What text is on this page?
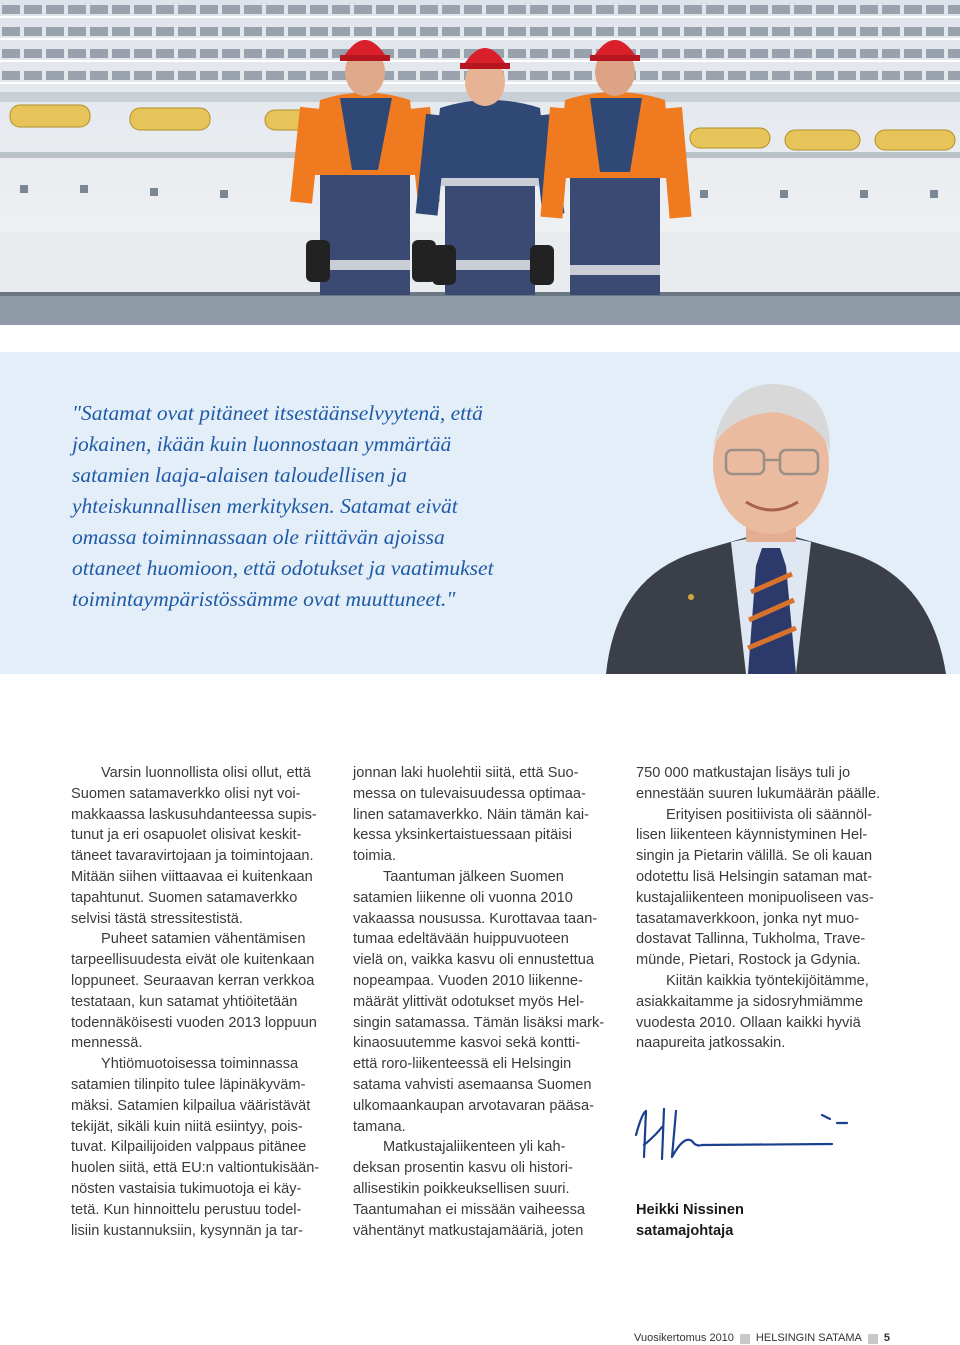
"Satamat ovat pitäneet itsestäänselvyytenä, että
jokainen, ikään kuin luonnostaan ymmärtää
satamien laaja-alaisen taloudellisen ja
yhteiskunnallisen merkityksen. Satamat eivät
omassa toiminnassaan ole riittävän ajoissa
ottaneet huomioon, että odotukset ja vaatimukset
toimintaympäristössämme ovat muuttuneet."

Varsin luonnollista olisi ollut, että
Suomen satamaverkko olisi nyt voi-
makkaassa laskusuhdanteessa supis-
tunut ja eri osapuolet olisivat keskit-
täneet tavaravirtojaan ja toimintojaan.
Mitään siihen viittaavaa ei kuitenkaan
tapahtunut. Suomen satamaverkko
selvisi tästä stressitestistä.
Puheet satamien vähentämisen
tarpeellisuudesta eivät ole kuitenkaan
loppuneet. Seuraavan kerran verkkoa
testataan, kun satamat yhtiöitetään
todennäköisesti vuoden 2013 loppuun
mennessä.
Yhtiömuotoisessa toiminnassa
satamien tilinpito tulee läpinäkyväm-
mäksi. Satamien kilpailua vääristävät
tekijät, sikäli kuin niitä esiintyy, pois-
tuvat. Kilpailijoiden valppaus pitänee
huolen siitä, että EU:n valtiontukisään-
nösten vastaisia tukimuotoja ei käy-
tetä. Kun hinnoittelu perustuu todel-
lisiin kustannuksiin, kysynnän ja tar-
jonnan laki huolehtii siitä, että Suo-
messa on tulevaisuudessa optimaa-
linen satamaverkko. Näin tämän kai-
kessa yksinkertaistuessaan pitäisi
toimia.
Taantuman jälkeen Suomen
satamien liikenne oli vuonna 2010
vakaassa nousussa. Kurottavaa taan-
tumaa edeltävään huippuvuoteen
vielä on, vaikka kasvu oli ennustettua
nopeampaa. Vuoden 2010 liikenne-
määrät ylittivät odotukset myös Hel-
singin satamassa. Tämän lisäksi mark-
kinaosuutemme kasvoi sekä kontti-
että roro-liikenteessä eli Helsingin
satama vahvisti asemaansa Suomen
ulkomaankaupan arvotavaran pääsa-
tamana.
Matkustajaliikenteen yli kah-
deksan prosentin kasvu oli histori-
allisestikin poikkeuksellisen suuri.
Taantumahan ei missään vaiheessa
vähentänyt matkustajamääriä, joten
750 000 matkustajan lisäys tuli jo
ennestään suuren lukumäärän päälle.
Erityisen positiivista oli säännöl-
lisen liikenteen käynnistyminen Hel-
singin ja Pietarin välillä. Se oli kauan
odotettu lisä Helsingin sataman mat-
kustajaliikenteen monipuoliseen vas-
tasatamaverkkoon, jonka nyt muo-
dostavat Tallinna, Tukholma, Trave-
münde, Pietari, Rostock ja Gdynia.
Kiitän kaikkia työntekijöitämme,
asiakkaitamme ja sidosryhmiämme
vuodesta 2010. Ollaan kaikki hyviä
naapureita jatkossakin.
Heikki Nissinen
satamajohtaja
Vuosikertomus 2010 HELSINGIN SATAMA 5
